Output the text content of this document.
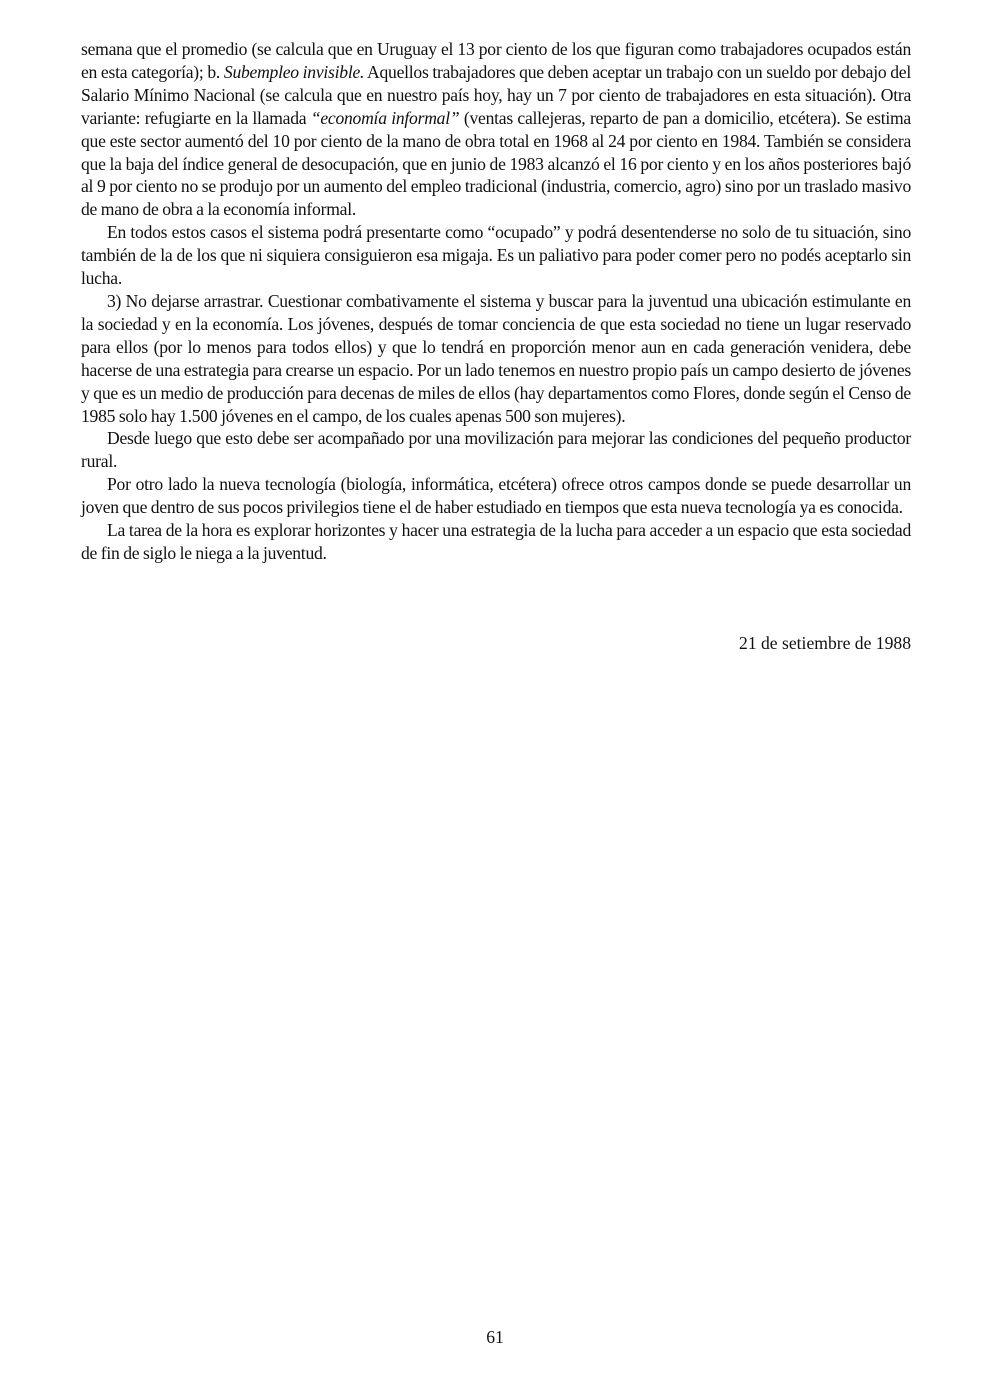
semana que el promedio (se calcula que en Uruguay el 13 por ciento de los que figuran como trabajadores ocupados están en esta categoría); b. Subempleo invisible. Aquellos trabajadores que deben aceptar un trabajo con un sueldo por debajo del Salario Mínimo Nacional (se calcula que en nuestro país hoy, hay un 7 por ciento de trabajadores en esta situación). Otra variante: refugiarte en la llamada “economía informal” (ventas callejeras, reparto de pan a domicilio, etcétera). Se estima que este sector aumentó del 10 por ciento de la mano de obra total en 1968 al 24 por ciento en 1984. También se considera que la baja del índice general de desocupación, que en junio de 1983 alcanzó el 16 por ciento y en los años posteriores bajó al 9 por ciento no se produjo por un aumento del empleo tradicional (industria, comercio, agro) sino por un traslado masivo de mano de obra a la economía informal.

En todos estos casos el sistema podrá presentarte como “ocupado” y podrá desentenderse no solo de tu situación, sino también de la de los que ni siquiera consiguieron esa migaja. Es un paliativo para poder comer pero no podés aceptarlo sin lucha.

3) No dejarse arrastrar. Cuestionar combativamente el sistema y buscar para la juventud una ubicación estimulante en la sociedad y en la economía. Los jóvenes, después de tomar conciencia de que esta sociedad no tiene un lugar reservado para ellos (por lo menos para todos ellos) y que lo tendrá en proporción menor aun en cada generación venidera, debe hacerse de una estrategia para crearse un espacio. Por un lado tenemos en nuestro propio país un campo desierto de jóvenes y que es un medio de producción para decenas de miles de ellos (hay departamentos como Flores, donde según el Censo de 1985 solo hay 1.500 jóvenes en el campo, de los cuales apenas 500 son mujeres).

Desde luego que esto debe ser acompañado por una movilización para mejorar las condiciones del pequeño productor rural.

Por otro lado la nueva tecnología (biología, informática, etcétera) ofrece otros campos donde se puede desarrollar un joven que dentro de sus pocos privilegios tiene el de haber estudiado en tiempos que esta nueva tecnología ya es conocida.

La tarea de la hora es explorar horizontes y hacer una estrategia de la lucha para acceder a un espacio que esta sociedad de fin de siglo le niega a la juventud.

21 de setiembre de 1988
61
